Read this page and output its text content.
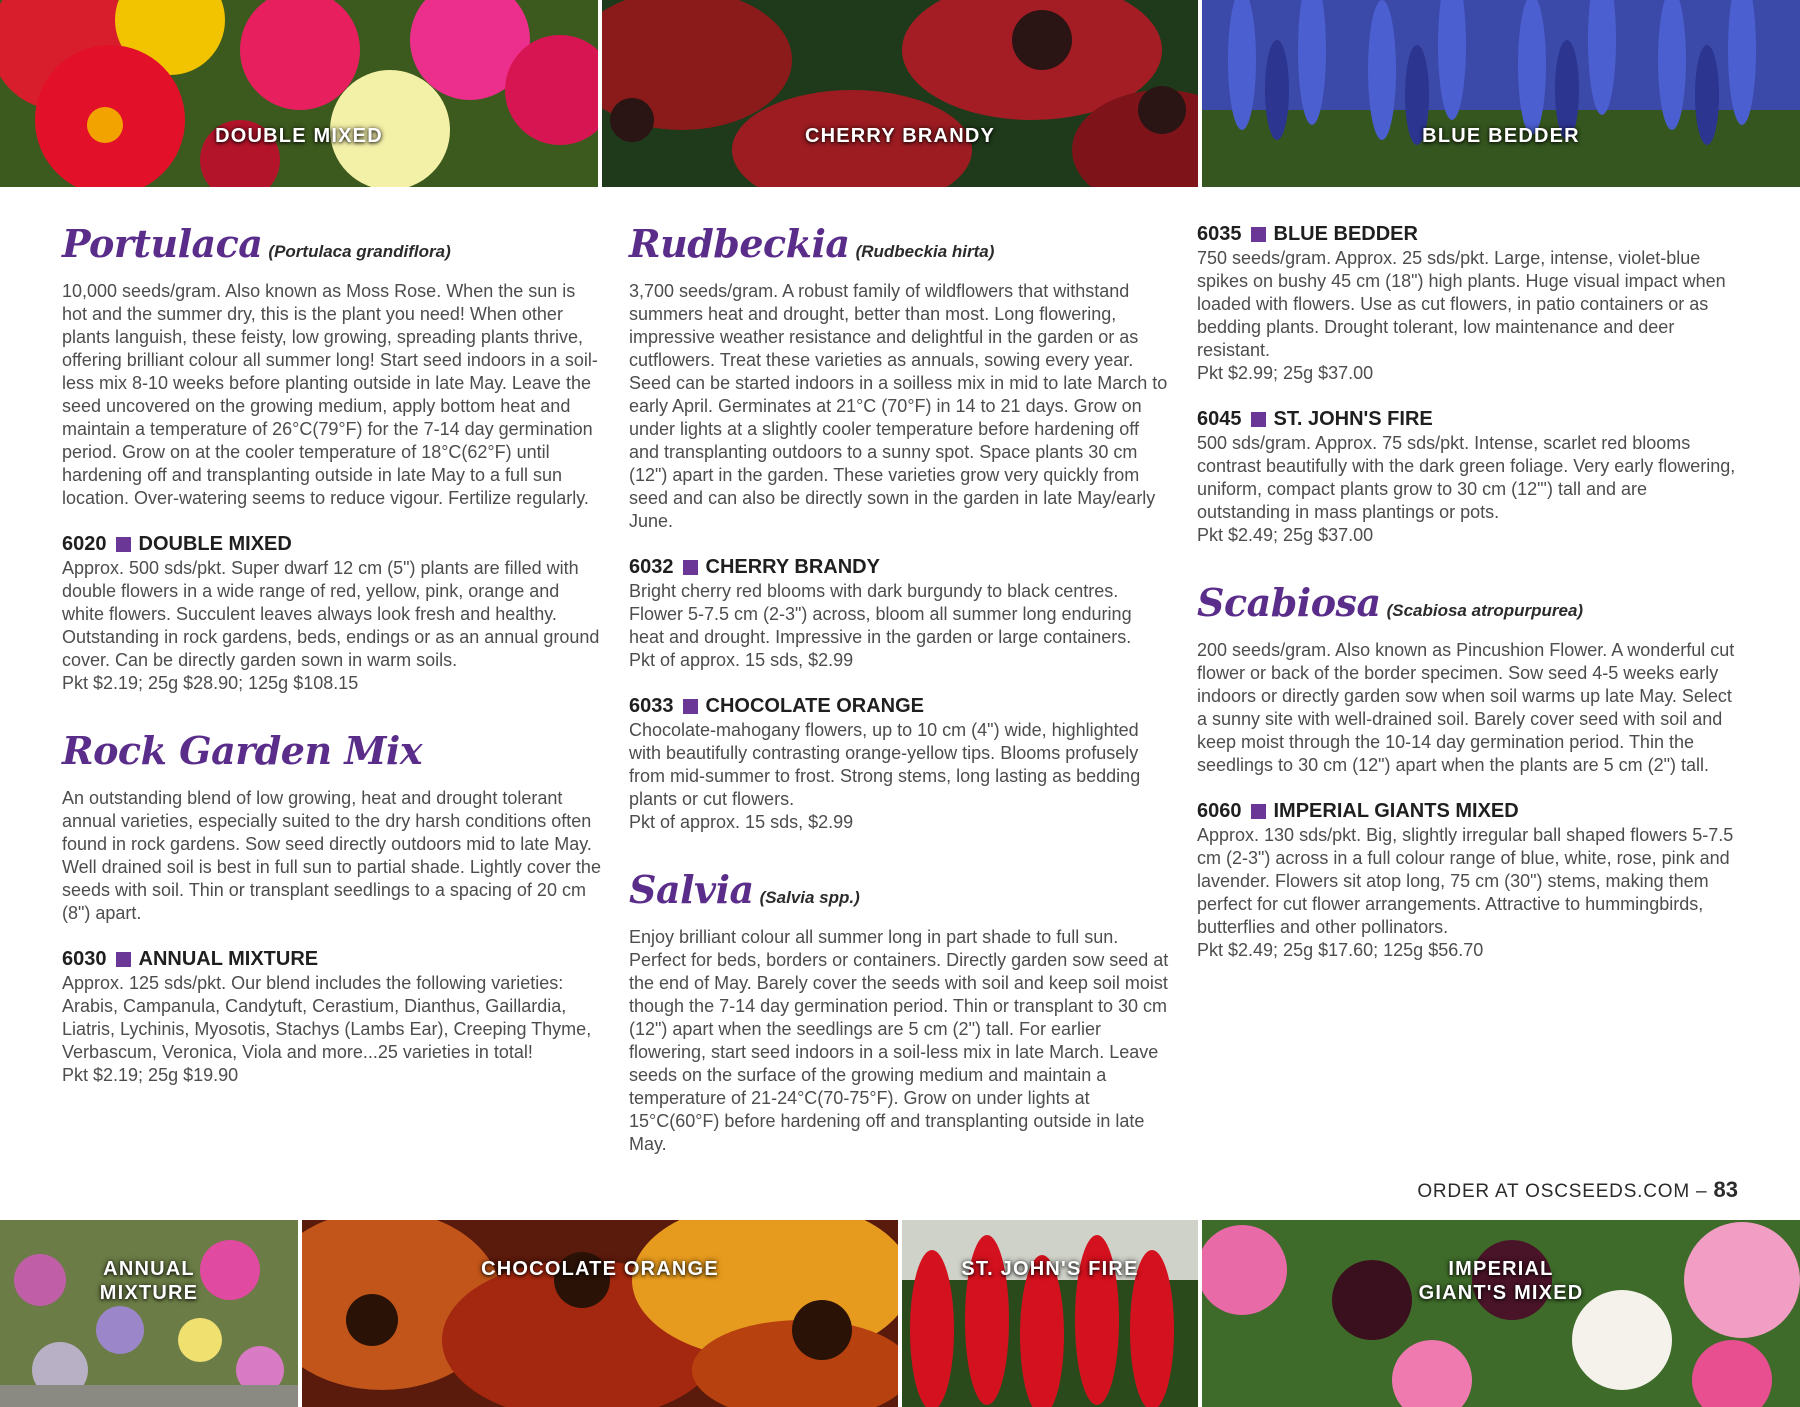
DOUBLE MIXED	CHERRY BRANDY	BLUE BEDDER
Portulaca (Portulaca grandiflora)

10,000 seeds/gram. Also known as Moss Rose. When the sun is hot and the summer dry, this is the plant you need! When other plants languish, these feisty, low growing, spreading plants thrive, offering brilliant colour all summer long! Start seed indoors in a soil-less mix 8-10 weeks before planting outside in late May. Leave the seed uncovered on the growing medium, apply bottom heat and maintain a temperature of 26°C(79°F) for the 7-14 day germination period. Grow on at the cooler temperature of 18°C(62°F) until hardening off and transplanting outside in late May to a full sun location. Over-watering seems to reduce vigour. Fertilize regularly.

6020 DOUBLE MIXED

Approx. 500 sds/pkt. Super dwarf 12 cm (5") plants are filled with double flowers in a wide range of red, yellow, pink, orange and white flowers. Succulent leaves always look fresh and healthy. Outstanding in rock gardens, beds, endings or as an annual ground cover. Can be directly garden sown in warm soils.

Pkt $2.19; 25g $28.90; 125g $108.15

Rock Garden Mix

An outstanding blend of low growing, heat and drought tolerant annual varieties, especially suited to the dry harsh conditions often found in rock gardens. Sow seed directly outdoors mid to late May. Well drained soil is best in full sun to partial shade. Lightly cover the seeds with soil. Thin or transplant seedlings to a spacing of 20 cm (8") apart.

6030 ANNUAL MIXTURE

Approx. 125 sds/pkt. Our blend includes the following varieties: Arabis, Campanula, Candytuft, Cerastium, Dianthus, Gaillardia, Liatris, Lychinis, Myosotis, Stachys (Lambs Ear), Creeping Thyme, Verbascum, Veronica, Viola and more...25 varieties in total!

Pkt $2.19; 25g $19.90

Rudbeckia (Rudbeckia hirta)

3,700 seeds/gram. A robust family of wildflowers that withstand summers heat and drought, better than most. Long flowering, impressive weather resistance and delightful in the garden or as cutflowers. Treat these varieties as annuals, sowing every year. Seed can be started indoors in a soilless mix in mid to late March to early April. Germinates at 21°C (70°F) in 14 to 21 days. Grow on under lights at a slightly cooler temperature before hardening off and transplanting outdoors to a sunny spot. Space plants 30 cm (12") apart in the garden. These varieties grow very quickly from seed and can also be directly sown in the garden in late May/early June.

6032 CHERRY BRANDY

Bright cherry red blooms with dark burgundy to black centres. Flower 5-7.5 cm (2-3") across, bloom all summer long enduring heat and drought. Impressive in the garden or large containers.

Pkt of approx. 15 sds, $2.99

6033 CHOCOLATE ORANGE

Chocolate-mahogany flowers, up to 10 cm (4") wide, highlighted with beautifully contrasting orange-yellow tips. Blooms profusely from mid-summer to frost. Strong stems, long lasting as bedding plants or cut flowers.

Pkt of approx. 15 sds, $2.99

Salvia (Salvia spp.)

Enjoy brilliant colour all summer long in part shade to full sun. Perfect for beds, borders or containers. Directly garden sow seed at the end of May. Barely cover the seeds with soil and keep soil moist though the 7-14 day germination period. Thin or transplant to 30 cm (12") apart when the seedlings are 5 cm (2") tall. For earlier flowering, start seed indoors in a soil-less mix in late March. Leave seeds on the surface of the growing medium and maintain a temperature of 21-24°C(70-75°F). Grow on under lights at 15°C(60°F) before hardening off and transplanting outside in late May.

6035 BLUE BEDDER

750 seeds/gram. Approx. 25 sds/pkt. Large, intense, violet-blue spikes on bushy 45 cm (18") high plants. Huge visual impact when loaded with flowers. Use as cut flowers, in patio containers or as bedding plants. Drought tolerant, low maintenance and deer resistant.

Pkt $2.99; 25g $37.00

6045 ST. JOHN'S FIRE

500 sds/gram. Approx. 75 sds/pkt. Intense, scarlet red blooms contrast beautifully with the dark green foliage. Very early flowering, uniform, compact plants grow to 30 cm (12"') tall and are outstanding in mass plantings or pots.

Pkt $2.49; 25g $37.00

Scabiosa (Scabiosa atropurpurea)

200 seeds/gram. Also known as Pincushion Flower. A wonderful cut flower or back of the border specimen. Sow seed 4-5 weeks early indoors or directly garden sow when soil warms up late May. Select a sunny site with well-drained soil. Barely cover seed with soil and keep moist through the 10-14 day germination period. Thin the seedlings to 30 cm (12") apart when the plants are 5 cm (2") tall.

6060 IMPERIAL GIANTS MIXED

Approx. 130 sds/pkt. Big, slightly irregular ball shaped flowers 5-7.5 cm (2-3") across in a full colour range of blue, white, rose, pink and lavender. Flowers sit atop long, 75 cm (30") stems, making them perfect for cut flower arrangements. Attractive to hummingbirds, butterflies and other pollinators.

Pkt $2.49; 25g $17.60; 125g $56.70

ORDER AT OSCSEEDS.COM – 83
ANNUAL
MIXTURE
CHOCOLATE ORANGE	ST. JOHN'S FIRE	IMPERIAL
GIANT'S MIXED
